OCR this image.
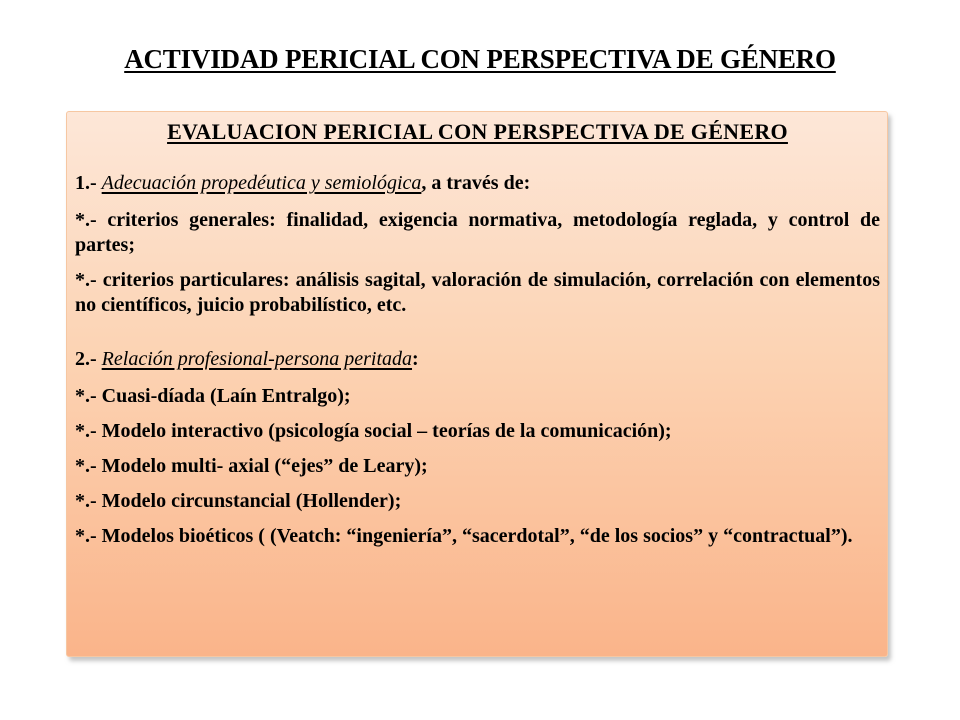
ACTIVIDAD PERICIAL CON PERSPECTIVA DE GÉNERO

EVALUACION PERICIAL CON PERSPECTIVA DE GÉNERO

1.- Adecuación propedéutica y semiológica, a través de:

*.- criterios generales: finalidad, exigencia normativa, metodología reglada, y control de partes;

*.- criterios particulares: análisis sagital, valoración de simulación, correlación con elementos no científicos, juicio probabilístico, etc.

2.- Relación profesional-persona peritada:

*.- Cuasi-díada (Laín Entralgo);

*.- Modelo interactivo (psicología social – teorías de la comunicación);

*.- Modelo multi- axial (“ejes” de Leary);

*.- Modelo circunstancial (Hollender);

*.- Modelos bioéticos ( (Veatch: “ingeniería”, “sacerdotal”, “de los socios” y “contractual”).
